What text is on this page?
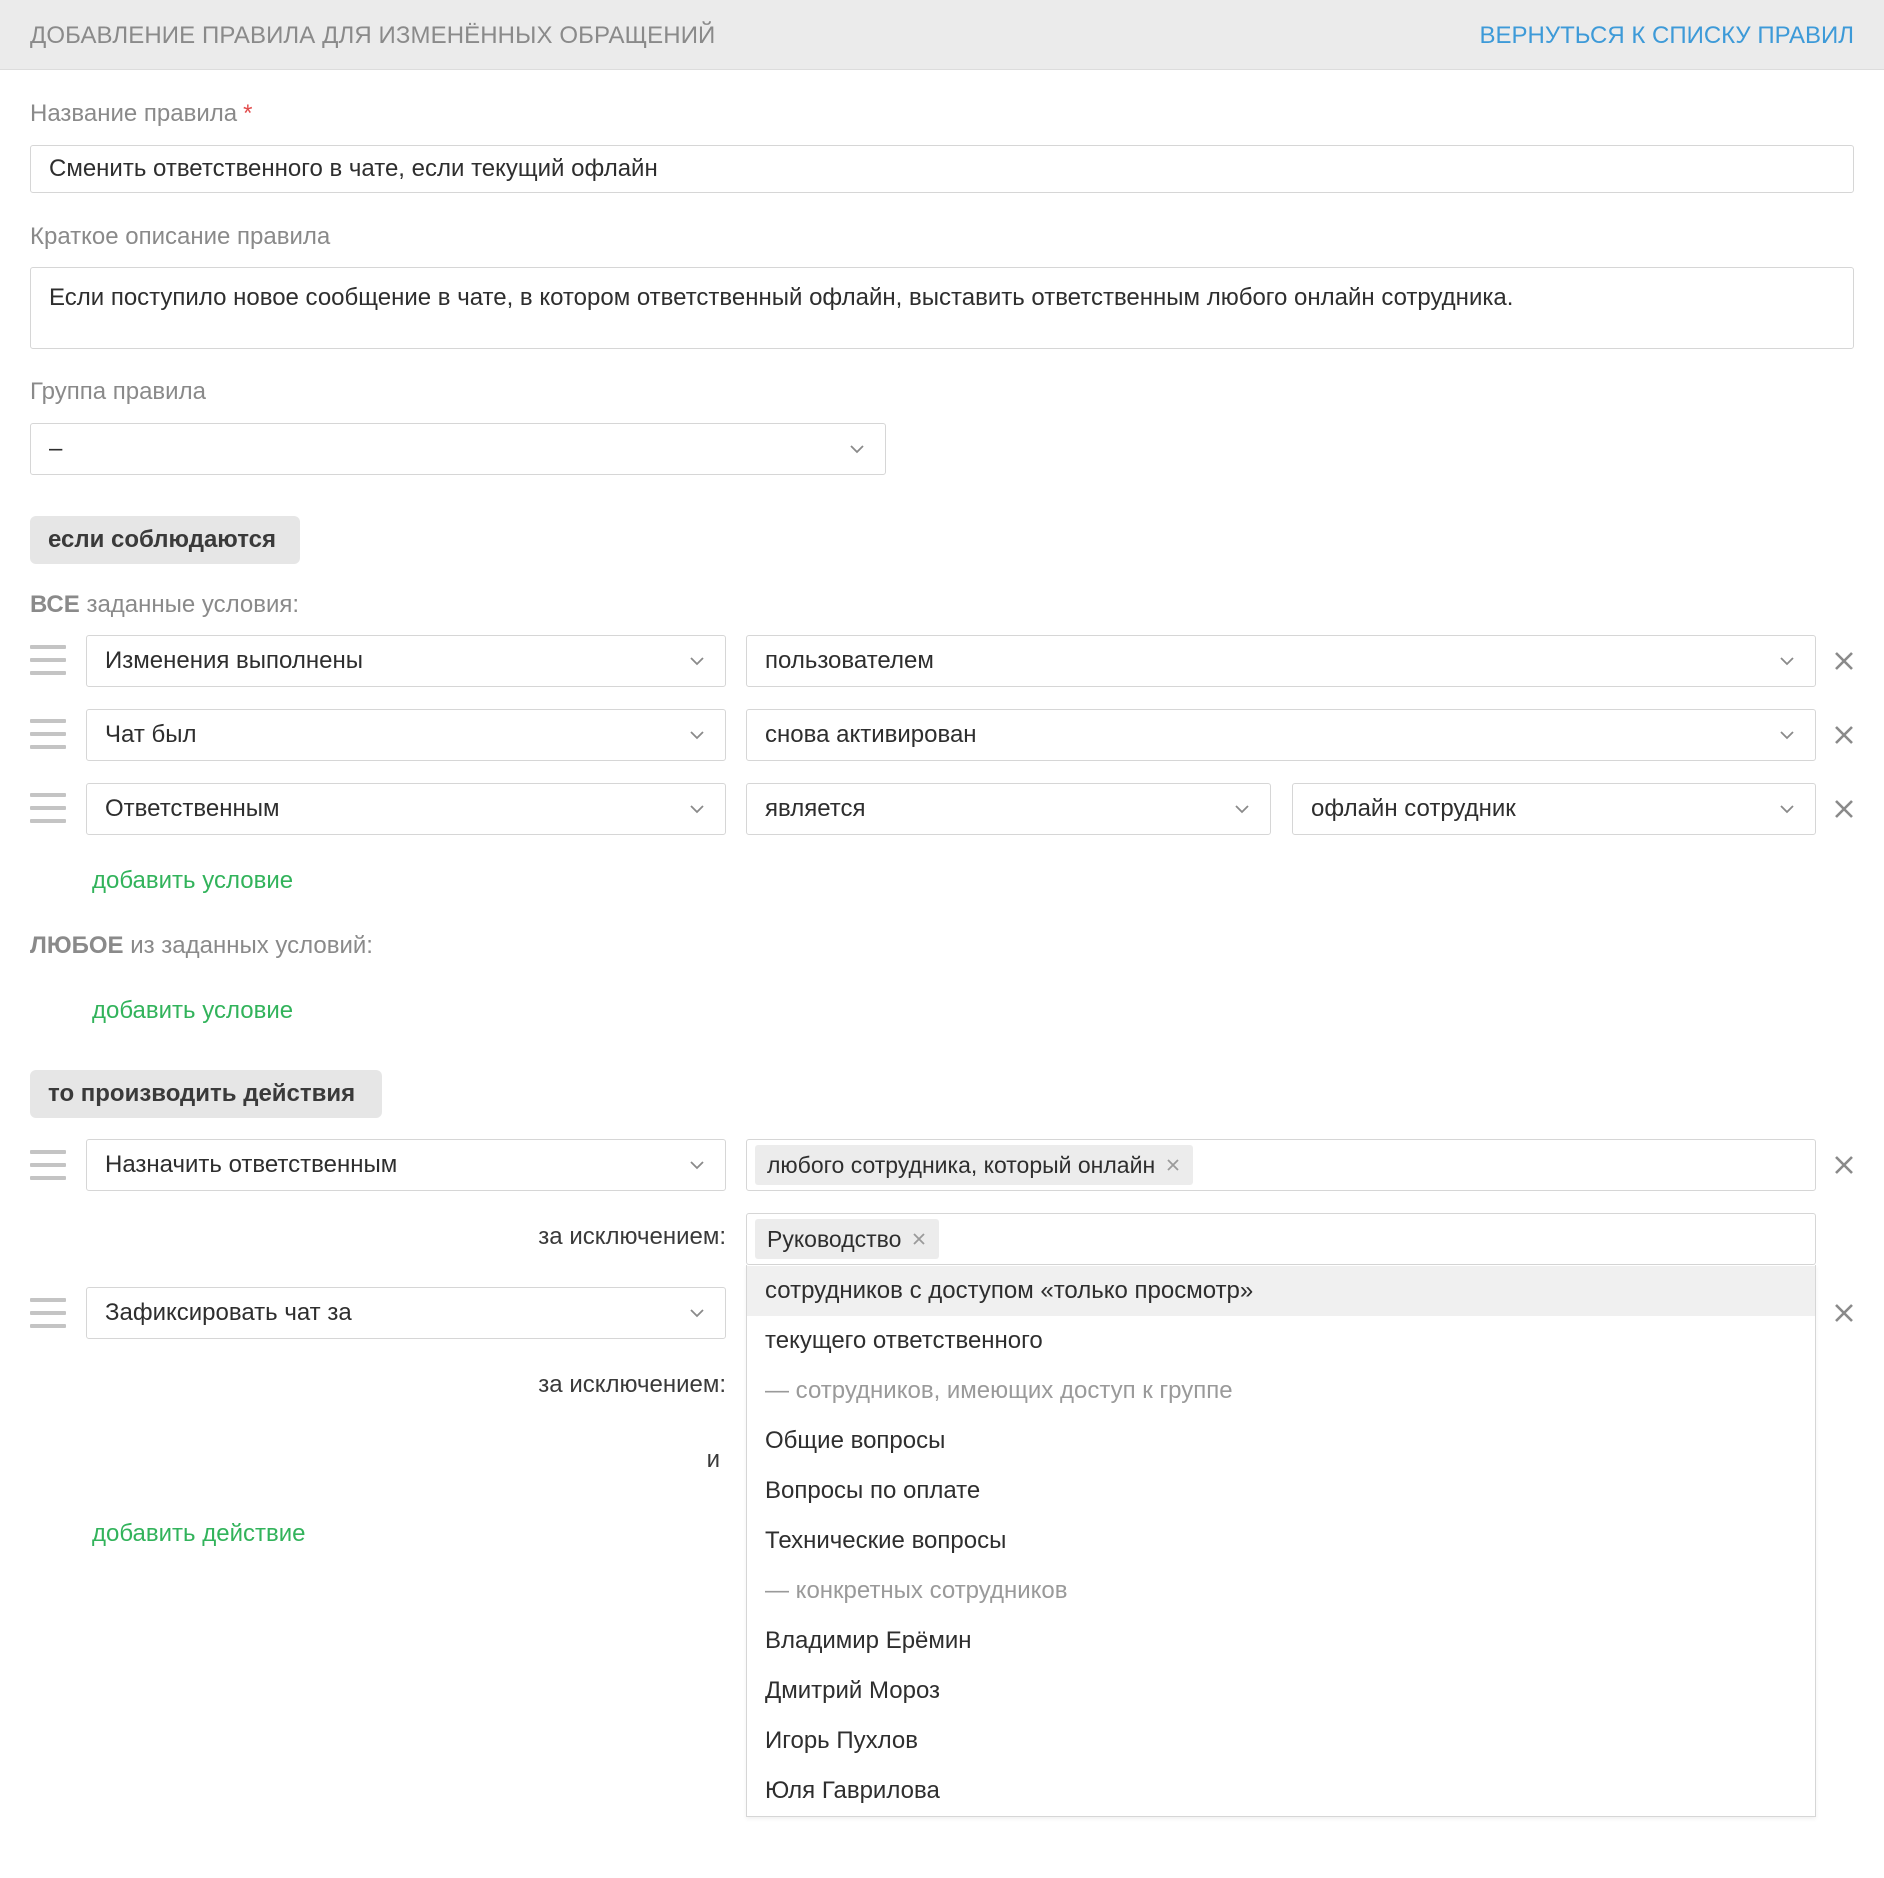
ДОБАВЛЕНИЕ ПРАВИЛА ДЛЯ ИЗМЕНЁННЫХ ОБРАЩЕНИЙ	ВЕРНУТЬСЯ К СПИСКУ ПРАВИЛ
Название правила *
Сменить ответственного в чате, если текущий офлайн
Краткое описание правила
Если поступило новое сообщение в чате, в котором ответственный офлайн, выставить ответственным любого онлайн сотрудника.
Группа правила
–
если соблюдаются
ВСЕ заданные условия:
Изменения выполнены	пользователем
Чат был	снова активирован
Ответственным	является	офлайн сотрудник
добавить условие
ЛЮБОЕ из заданных условий:
добавить условие
то производить действия
Назначить ответственным	любого сотрудника, который онлайн
за исключением: Руководство
Зафиксировать чат за
за исключением:
и
добавить действие
сотрудников с доступом «только просмотр»
текущего ответственного
— сотрудников, имеющих доступ к группе
Общие вопросы
Вопросы по оплате
Технические вопросы
— конкретных сотрудников
Владимир Ерёмин
Дмитрий Мороз
Игорь Пухлов
Юля Гаврилова
